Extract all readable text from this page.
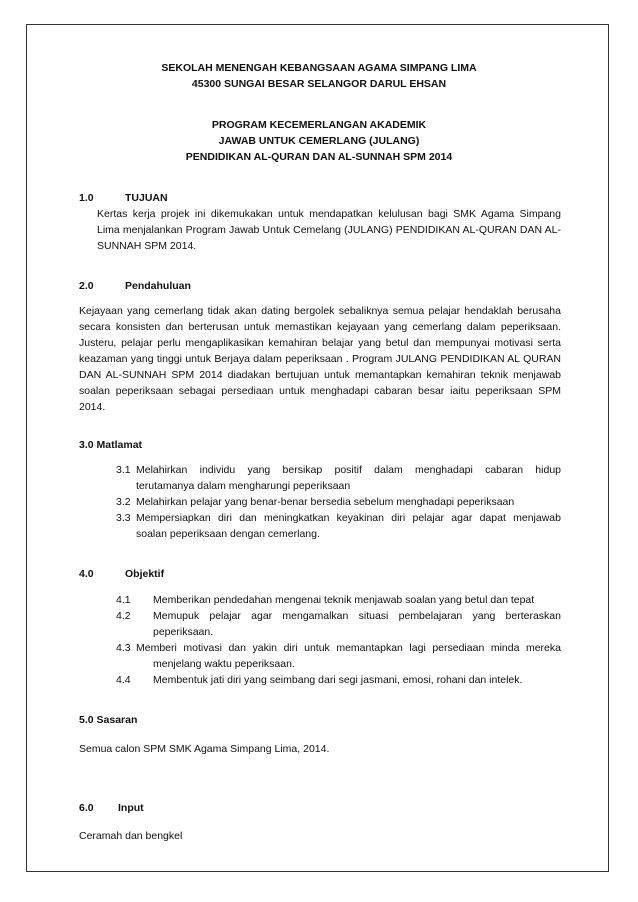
SEKOLAH MENENGAH KEBANGSAAN AGAMA SIMPANG LIMA
45300 SUNGAI BESAR SELANGOR DARUL EHSAN
PROGRAM KECEMERLANGAN AKADEMIK
JAWAB UNTUK CEMERLANG (JULANG)
PENDIDIKAN AL-QURAN DAN AL-SUNNAH SPM 2014
1.0	TUJUAN
Kertas kerja projek ini dikemukakan untuk mendapatkan kelulusan bagi SMK Agama Simpang
Lima menjalankan Program Jawab Untuk Cemelang (JULANG) PENDIDIKAN AL-QURAN DAN AL-
SUNNAH SPM 2014.
2.0	Pendahuluan
Kejayaan yang cemerlang tidak akan dating bergolek sebaliknya semua pelajar hendaklah berusaha
secara konsisten dan berterusan untuk memastikan kejayaan yang cemerlang dalam peperiksaan.
Justeru, pelajar perlu mengaplikasikan kemahiran belajar yang betul dan mempunyai motivasi serta
keazaman yang tinggi untuk Berjaya dalam peperiksaan . Program JULANG PENDIDIKAN AL QURAN
DAN AL-SUNNAH SPM 2014 diadakan bertujuan untuk memantapkan kemahiran teknik menjawab
soalan peperiksaan sebagai persediaan untuk menghadapi cabaran besar iaitu peperiksaan SPM
2014.
3.0 Matlamat
3.1 Melahirkan individu yang bersikap positif dalam menghadapi cabaran hidup
terutamanya dalam mengharungi peperiksaan
3.2 Melahirkan pelajar yang benar-benar bersedia sebelum menghadapi peperiksaan
3.3 Mempersiapkan diri dan meningkatkan keyakinan diri pelajar agar dapat menjawab
soalan peperiksaan dengan cemerlang.
4.0	Objektif
4.1 Memberikan pendedahan mengenai teknik menjawab soalan yang betul dan tepat
4.2 Memupuk pelajar agar mengamalkan situasi pembelajaran yang berteraskan
peperiksaan.
4.3 Memberi motivasi dan yakin diri untuk memantapkan lagi persediaan minda mereka
menjelang waktu peperiksaan.
4.4 Membentuk jati diri yang seimbang dari segi jasmani, emosi, rohani dan intelek.
5.0 Sasaran
Semua calon SPM SMK Agama Simpang Lima, 2014.
6.0 Input
Ceramah dan bengkel
